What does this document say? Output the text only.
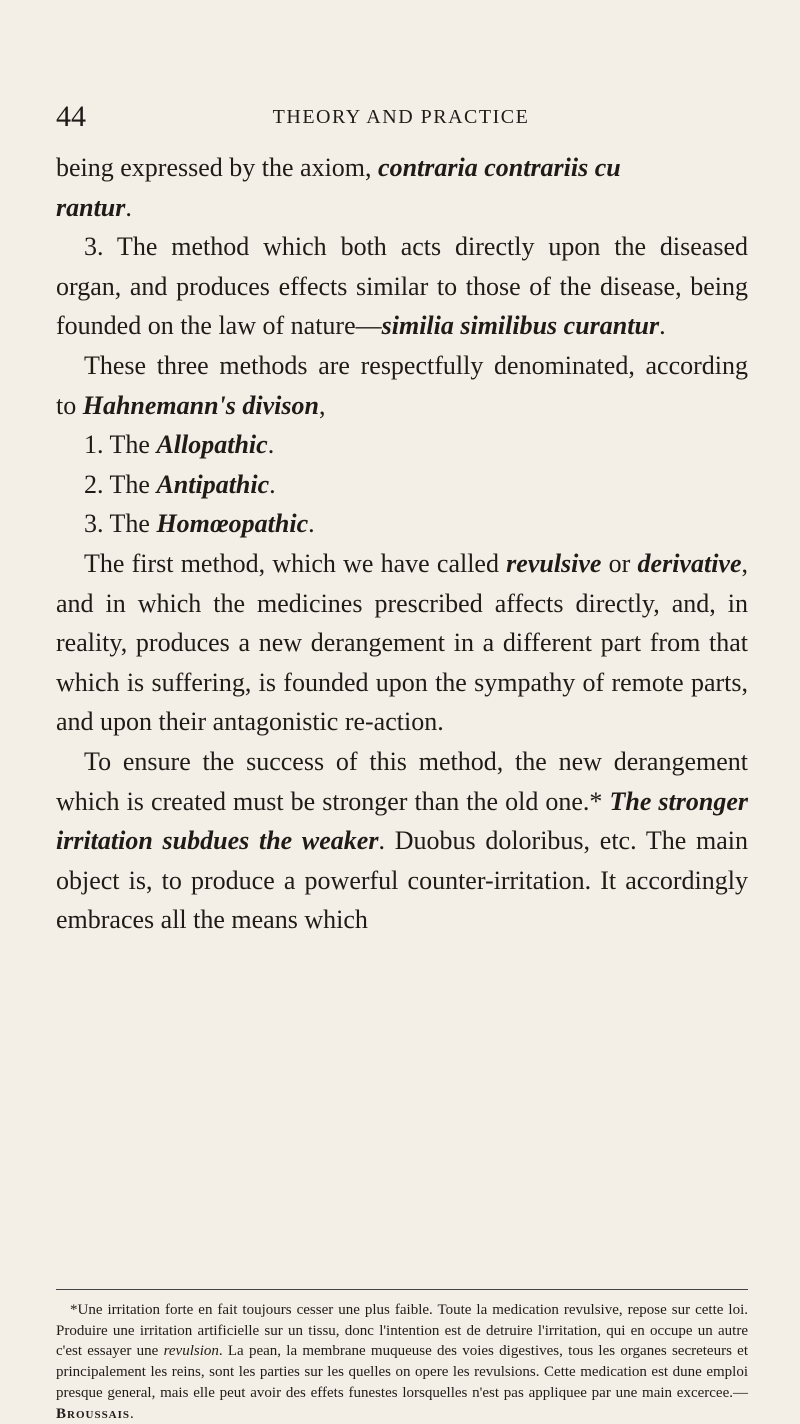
44	THEORY AND PRACTICE

being expressed by the axiom, contraria contrariis cu
rantur.

3. The method which both acts directly upon the diseased organ, and produces effects similar to those of the disease, being founded on the law of nature—similia similibus curantur.

These three methods are respectfully denominated, according to Hahnemann's divison,

1. The Allopathic.

2. The Antipathic.

3. The Homœopathic.

The first method, which we have called revulsive or derivative, and in which the medicines prescribed affects directly, and, in reality, produces a new derangement in a different part from that which is suffering, is founded upon the sympathy of remote parts, and upon their antagonistic re-action.

To ensure the success of this method, the new derangement which is created must be stronger than the old one.* The stronger irritation subdues the weaker. Duobus doloribus, etc. The main object is, to produce a powerful counter-irritation. It accordingly embraces all the means which

*Une irritation forte en fait toujours cesser une plus faible. Toute la medication revulsive, repose sur cette loi. Produire une irritation artificielle sur un tissu, donc l'intention est de detruire l'irritation, qui en occupe un autre c'est essayer une revulsion. La pean, la membrane muqueuse des voies digestives, tous les organes secreteurs et principalement les reins, sont les parties sur les quelles on opere les revulsions. Cette medication est dune emploi presque general, mais elle peut avoir des effets funestes lorsquelles n'est pas appliquee par une main excercee.—Broussais.
